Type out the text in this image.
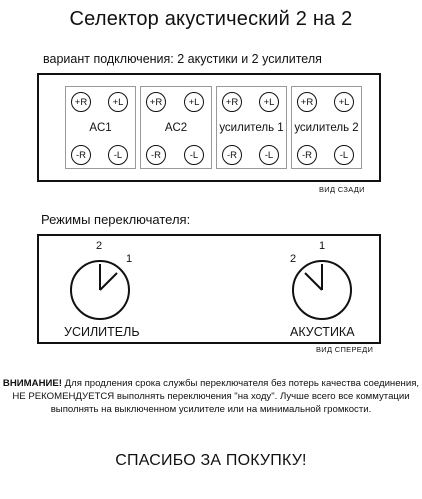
Селектор акустический 2 на 2
вариант подключения: 2 акустики и 2 усилителя
+R	+L
AC1
-R	-L
+R	+L
AC2
-R	-L
+R	+L
усилитель 1
-R	-L
+R	+L
усилитель 2
-R	-L
ВИД СЗАДИ
Режимы переключателя:
2
1
УСИЛИТЕЛЬ
1
2
АКУСТИКА
ВИД СПЕРЕДИ
ВНИМАНИЕ! Для продления срока службы переключателя без потерь качества соединения,
НЕ РЕКОМЕНДУЕТСЯ выполнять переключения "на ходу". Лучше всего все коммутации
выполнять на выключенном усилителе или на минимальной громкости.
СПАСИБО ЗА ПОКУПКУ!
